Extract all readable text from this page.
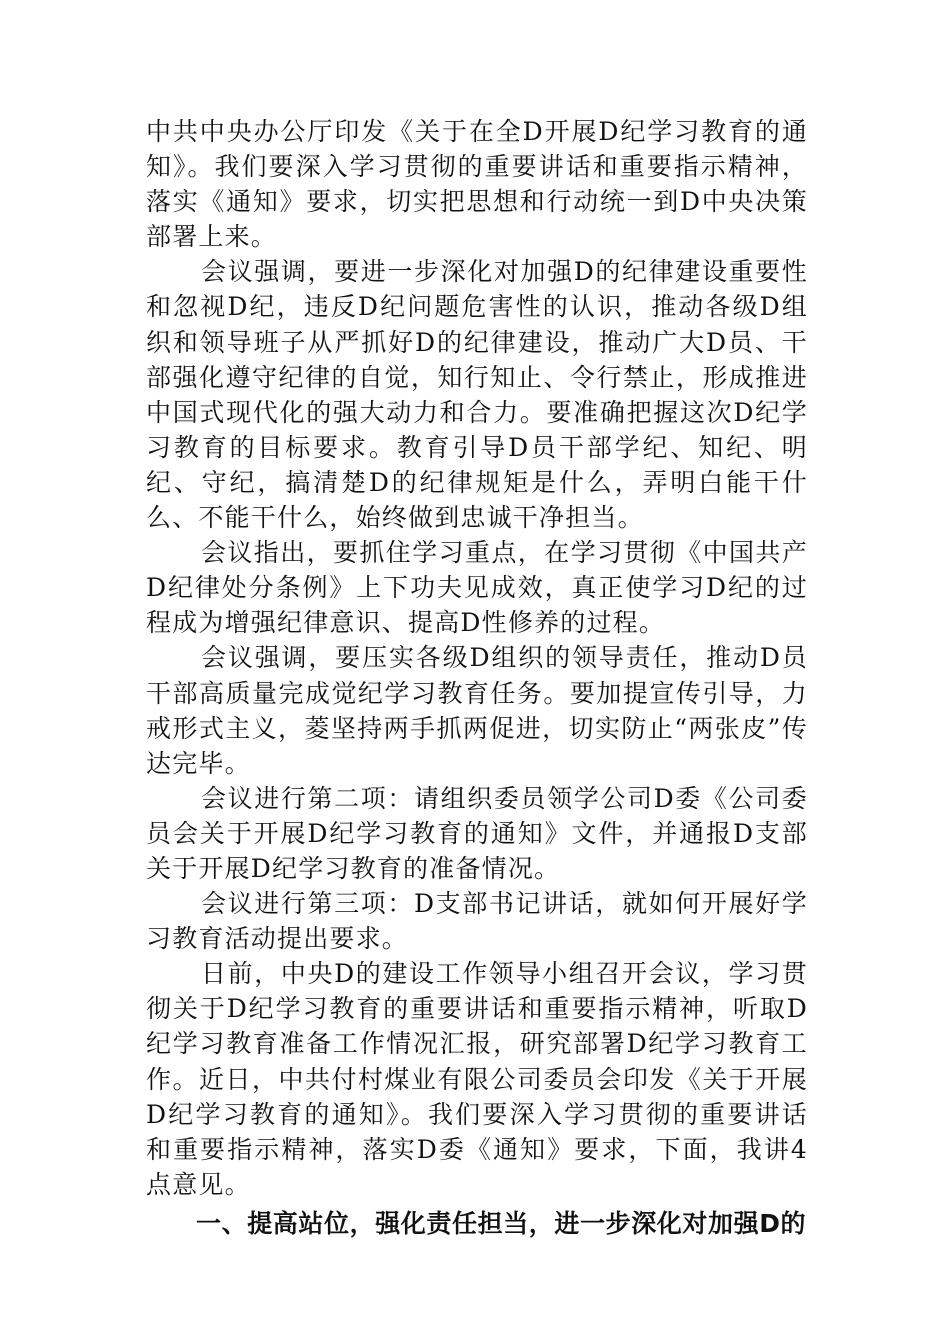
中共中央办公厅印发《关于在全D开展D纪学习教育的通知》。我们要深入学习贯彻的重要讲话和重要指示精神，落实《通知》要求，切实把思想和行动统一到D中央决策部署上来。

会议强调，要进一步深化对加强D的纪律建设重要性和忽视D纪，违反D纪问题危害性的认识，推动各级D组织和领导班子从严抓好D的纪律建设，推动广大D员、干部强化遵守纪律的自觉，知行知止、令行禁止，形成推进中国式现代化的强大动力和合力。要准确把握这次D纪学习教育的目标要求。教育引导D员干部学纪、知纪、明纪、守纪，搞清楚D的纪律规矩是什么，弄明白能干什么、不能干什么，始终做到忠诚干净担当。

会议指出，要抓住学习重点，在学习贯彻《中国共产D纪律处分条例》上下功夫见成效，真正使学习D纪的过程成为增强纪律意识、提高D性修养的过程。

会议强调，要压实各级D组织的领导责任，推动D员干部高质量完成觉纪学习教育任务。要加提宣传引导，力戒形式主义，菱坚持两手抓两促进，切实防止“两张皮”传达完毕。

会议进行第二项：请组织委员领学公司D委《公司委员会关于开展D纪学习教育的通知》文件，并通报D支部关于开展D纪学习教育的准备情况。

会议进行第三项：D支部书记讲话，就如何开展好学习教育活动提出要求。

日前，中央D的建设工作领导小组召开会议，学习贯彻关于D纪学习教育的重要讲话和重要指示精神，听取D纪学习教育准备工作情况汇报，研究部署D纪学习教育工作。近日，中共付村煤业有限公司委员会印发《关于开展D纪学习教育的通知》。我们要深入学习贯彻的重要讲话和重要指示精神，落实D委《通知》要求，下面，我讲4点意见。

一、提高站位，强化责任担当，进一步深化对加强D的
